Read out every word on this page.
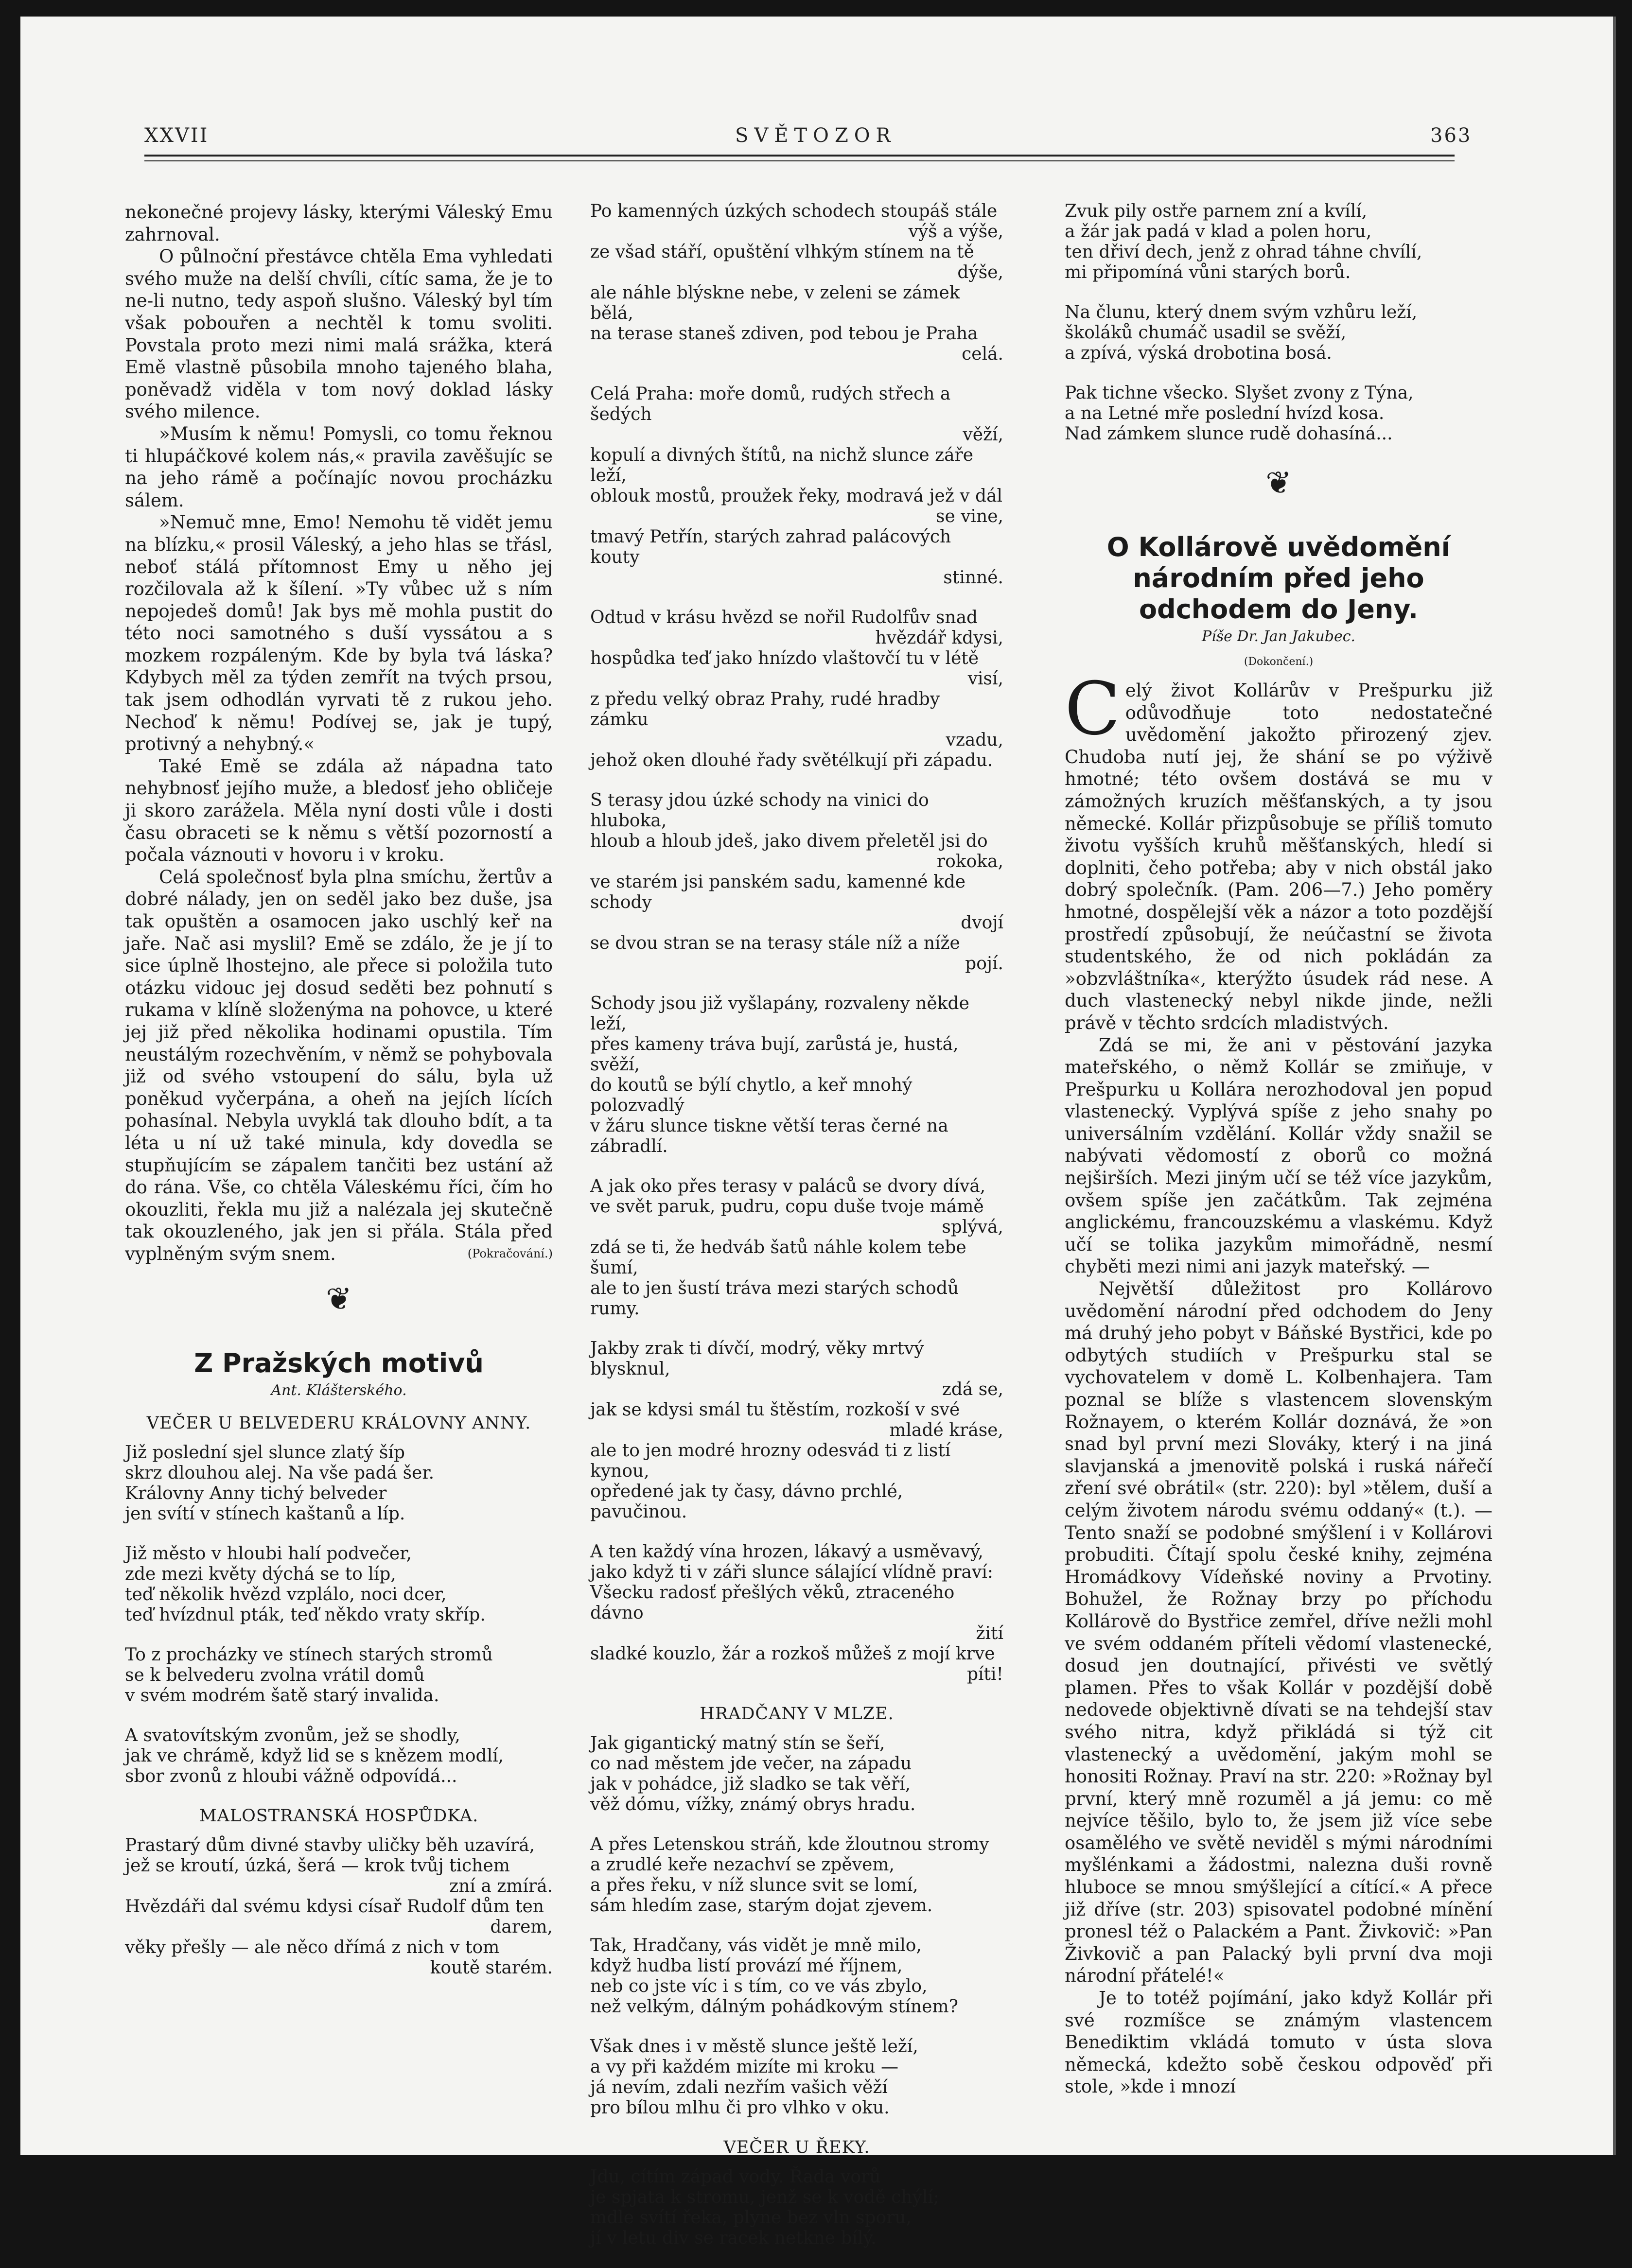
XXVII	SVĚTOZOR	363

nekonečné projevy lásky, kterými Váleský Emu zahrnoval.

O půlnoční přestávce chtěla Ema vyhledati svého muže na delší chvíli, cítíc sama, že je to ne-li nutno, tedy aspoň slušno. Váleský byl tím však pobouřen a nechtěl k tomu svoliti. Povstala proto mezi nimi malá srážka, která Emě vlastně působila mnoho tajeného blaha, poněvadž viděla v tom nový doklad lásky svého milence.

»Musím k němu! Pomysli, co tomu řeknou ti hlupáčkové kolem nás,« pravila zavěšujíc se na jeho rámě a počínajíc novou procházku sálem.

»Nemuč mne, Emo! Nemohu tě vidět jemu na blízku,« prosil Váleský, a jeho hlas se třásl, neboť stálá přítomnost Emy u něho jej rozčilovala až k šílení. »Ty vůbec už s ním nepojedeš domů! Jak bys mě mohla pustit do této noci samotného s duší vyssátou a s mozkem rozpáleným. Kde by byla tvá láska? Kdybych měl za týden zemřít na tvých prsou, tak jsem odhodlán vyrvati tě z rukou jeho. Nechoď k němu! Podívej se, jak je tupý, protivný a nehybný.«

Také Emě se zdála až nápadna tato nehybnosť jejího muže, a bledosť jeho obličeje ji skoro zarážela. Měla nyní dosti vůle i dosti času obraceti se k němu s větší pozorností a počala váznouti v hovoru i v kroku.

Celá společnosť byla plna smíchu, žertův a dobré nálady, jen on seděl jako bez duše, jsa tak opuštěn a osamocen jako uschlý keř na jaře. Nač asi myslil? Emě se zdálo, že je jí to sice úplně lhostejno, ale přece si položila tuto otázku vidouc jej dosud seděti bez pohnutí s rukama v klíně složenýma na pohovce, u které jej již před několika hodinami opustila. Tím neustálým rozechvěním, v němž se pohybovala již od svého vstoupení do sálu, byla už poněkud vyčerpána, a oheň na jejích lících pohasínal. Nebyla uvyklá tak dlouho bdít, a ta léta u ní už také minula, kdy dovedla se stupňujícím se zápalem tančiti bez ustání až do rána. Vše, co chtěla Váleskému říci, čím ho okouzliti, řekla mu již a nalézala jej skutečně tak okouzleného, jak jen si přála. Stála před vyplněným svým snem.	(Pokračování.)

❦
Z Pražských motivů
Ant. Klášterského.
VEČER U BELVEDERU KRÁLOVNY ANNY.
Již poslední sjel slunce zlatý šíp
skrz dlouhou alej. Na vše padá šer.
Královny Anny tichý belveder
jen svítí v stínech kaštanů a líp.
Již město v hloubi halí podvečer,
zde mezi květy dýchá se to líp,
teď několik hvězd vzplálo, noci dcer,
teď hvízdnul pták, teď někdo vraty skříp.
To z procházky ve stínech starých stromů
se k belvederu zvolna vrátil domů
v svém modrém šatě starý invalida.
A svatovítským zvonům, jež se shodly,
jak ve chrámě, když lid se s knězem modlí,
sbor zvonů z hloubi vážně odpovídá...
MALOSTRANSKÁ HOSPŮDKA.
Prastarý dům divné stavby uličky běh uzavírá,
jež se kroutí, úzká, šerá — krok tvůj tichem
zní a zmírá.
Hvězdáři dal svému kdysi císař Rudolf dům ten
darem,
věky přešly — ale něco dřímá z nich v tom
koutě starém.
Po kamenných úzkých schodech stoupáš stále
výš a výše,
ze všad stáří, opuštění vlhkým stínem na tě
dýše,
ale náhle blýskne nebe, v zeleni se zámek bělá,
na terase staneš zdiven, pod tebou je Praha
celá.
Celá Praha: moře domů, rudých střech a šedých
věží,
kopulí a divných štítů, na nichž slunce záře leží,
oblouk mostů, proužek řeky, modravá jež v dál
se vine,
tmavý Petřín, starých zahrad palácových kouty
stinné.
Odtud v krásu hvězd se nořil Rudolfův snad
hvězdář kdysi,
hospůdka teď jako hnízdo vlaštovčí tu v létě
visí,
z předu velký obraz Prahy, rudé hradby zámku
vzadu,
jehož oken dlouhé řady světélkují při západu.
S terasy jdou úzké schody na vinici do hluboka,
hloub a hloub jdeš, jako divem přeletěl jsi do
rokoka,
ve starém jsi panském sadu, kamenné kde schody
dvojí
se dvou stran se na terasy stále níž a níže
pojí.
Schody jsou již vyšlapány, rozvaleny někde leží,
přes kameny tráva bují, zarůstá je, hustá, svěží,
do koutů se býlí chytlo, a keř mnohý polozvadlý
v žáru slunce tiskne větší teras černé na zábradlí.
A jak oko přes terasy v paláců se dvory dívá,
ve svět paruk, pudru, copu duše tvoje mámě
splývá,
zdá se ti, že hedváb šatů náhle kolem tebe šumí,
ale to jen šustí tráva mezi starých schodů rumy.
Jakby zrak ti dívčí, modrý, věky mrtvý blysknul,
zdá se,
jak se kdysi smál tu štěstím, rozkoší v své
mladé kráse,
ale to jen modré hrozny odesvád ti z listí kynou,
opředené jak ty časy, dávno prchlé, pavučinou.
A ten každý vína hrozen, lákavý a usměvavý,
jako když ti v záři slunce sálající vlídně praví:
Všecku radosť přešlých věků, ztraceného dávno
žití
sladké kouzlo, žár a rozkoš můžeš z mojí krve
píti!
HRADČANY V MLZE.
Jak gigantický matný stín se šeří,
co nad městem jde večer, na západu
jak v pohádce, již sladko se tak věří,
věž dómu, vížky, známý obrys hradu.
A přes Letenskou stráň, kde žloutnou stromy
a zrudlé keře nezachví se zpěvem,
a přes řeku, v níž slunce svit se lomí,
sám hledím zase, starým dojat zjevem.
Tak, Hradčany, vás vidět je mně milo,
když hudba listí provází mé říjnem,
neb co jste víc i s tím, co ve vás zbylo,
než velkým, dálným pohádkovým stínem?
Však dnes i v městě slunce ještě leží,
a vy při každém mizíte mi kroku —
já nevím, zdali nezřím vašich věží
pro bílou mlhu či pro vlhko v oku.
VEČER U ŘEKY.
Jdu, cítím západ vody. Řada vorů
je spjata k stromu, jenž se k vodě chýlí;
mdle svítí řeka, plyne bez vln sporu,
jí v letu div se racek netkne bílý.
Zvuk pily ostře parnem zní a kvílí,
a žár jak padá v klad a polen horu,
ten dřiví dech, jenž z ohrad táhne chvílí,
mi připomíná vůni starých borů.
Na člunu, který dnem svým vzhůru leží,
školáků chumáč usadil se svěží,
a zpívá, výská drobotina bosá.
Pak tichne všecko. Slyšet zvony z Týna,
a na Letné mře poslední hvízd kosa.
Nad zámkem slunce rudě dohasíná...
❦
O Kollárově uvědomění národním před jeho odchodem do Jeny.
Píše Dr. Jan Jakubec.
(Dokončení.)

Celý život Kollárův v Prešpurku již odůvodňuje toto nedostatečné uvědomění jakožto přirozený zjev. Chudoba nutí jej, že shání se po výživě hmotné; této ovšem dostává se mu v zámožných kruzích měšťanských, a ty jsou německé. Kollár přizpůsobuje se příliš tomuto životu vyšších kruhů měšťanských, hledí si doplniti, čeho potřeba; aby v nich obstál jako dobrý společník. (Pam. 206—7.) Jeho poměry hmotné, dospělejší věk a názor a toto pozdější prostředí způsobují, že neúčastní se života studentského, že od nich pokládán za »obzvláštníka«, kterýžto úsudek rád nese. A duch vlastenecký nebyl nikde jinde, nežli právě v těchto srdcích mladistvých.

Zdá se mi, že ani v pěstování jazyka mateřského, o němž Kollár se zmiňuje, v Prešpurku u Kollára nerozhodoval jen popud vlastenecký. Vyplývá spíše z jeho snahy po universálním vzdělání. Kollár vždy snažil se nabývati vědomostí z oborů co možná nejširších. Mezi jiným učí se též více jazykům, ovšem spíše jen začátkům. Tak zejména anglickému, francouzskému a vlaskému. Když učí se tolika jazykům mimořádně, nesmí chyběti mezi nimi ani jazyk mateřský. —

Největší důležitost pro Kollárovo uvědomění národní před odchodem do Jeny má druhý jeho pobyt v Báňské Bystřici, kde po odbytých studiích v Prešpurku stal se vychovatelem v domě L. Kolbenhajera. Tam poznal se blíže s vlastencem slovenským Rožnayem, o kterém Kollár doznává, že »on snad byl první mezi Slováky, který i na jiná slavjanská a jmenovitě polská i ruská nářečí zření své obrátil« (str. 220): byl »tělem, duší a celým životem národu svému oddaný« (t.). — Tento snaží se podobné smýšlení i v Kollárovi probuditi. Čítají spolu české knihy, zejména Hromádkovy Vídeňské noviny a Prvotiny. Bohužel, že Rožnay brzy po příchodu Kollárově do Bystřice zemřel, dříve nežli mohl ve svém oddaném příteli vědomí vlastenecké, dosud jen doutnající, přivésti ve světlý plamen. Přes to však Kollár v pozdější době nedovede objektivně dívati se na tehdejší stav svého nitra, když přikládá si týž cit vlastenecký a uvědomění, jakým mohl se honositi Rožnay. Praví na str. 220: »Rožnay byl první, který mně rozuměl a já jemu: co mě nejvíce těšilo, bylo to, že jsem již více sebe osamělého ve světě neviděl s mými národními myšlénkami a žádostmi, nalezna duši rovně hluboce se mnou smýšlející a cítící.« A přece již dříve (str. 203) spisovatel podobné mínění pronesl též o Palackém a Pant. Živkovič: »Pan Živkovič a pan Palacký byli první dva moji národní přátelé!«

Je to totéž pojímání, jako když Kollár při své rozmíšce se známým vlastencem Benediktim vkládá tomuto v ústa slova německá, kdežto sobě českou odpověď při stole, »kde i mnozí
